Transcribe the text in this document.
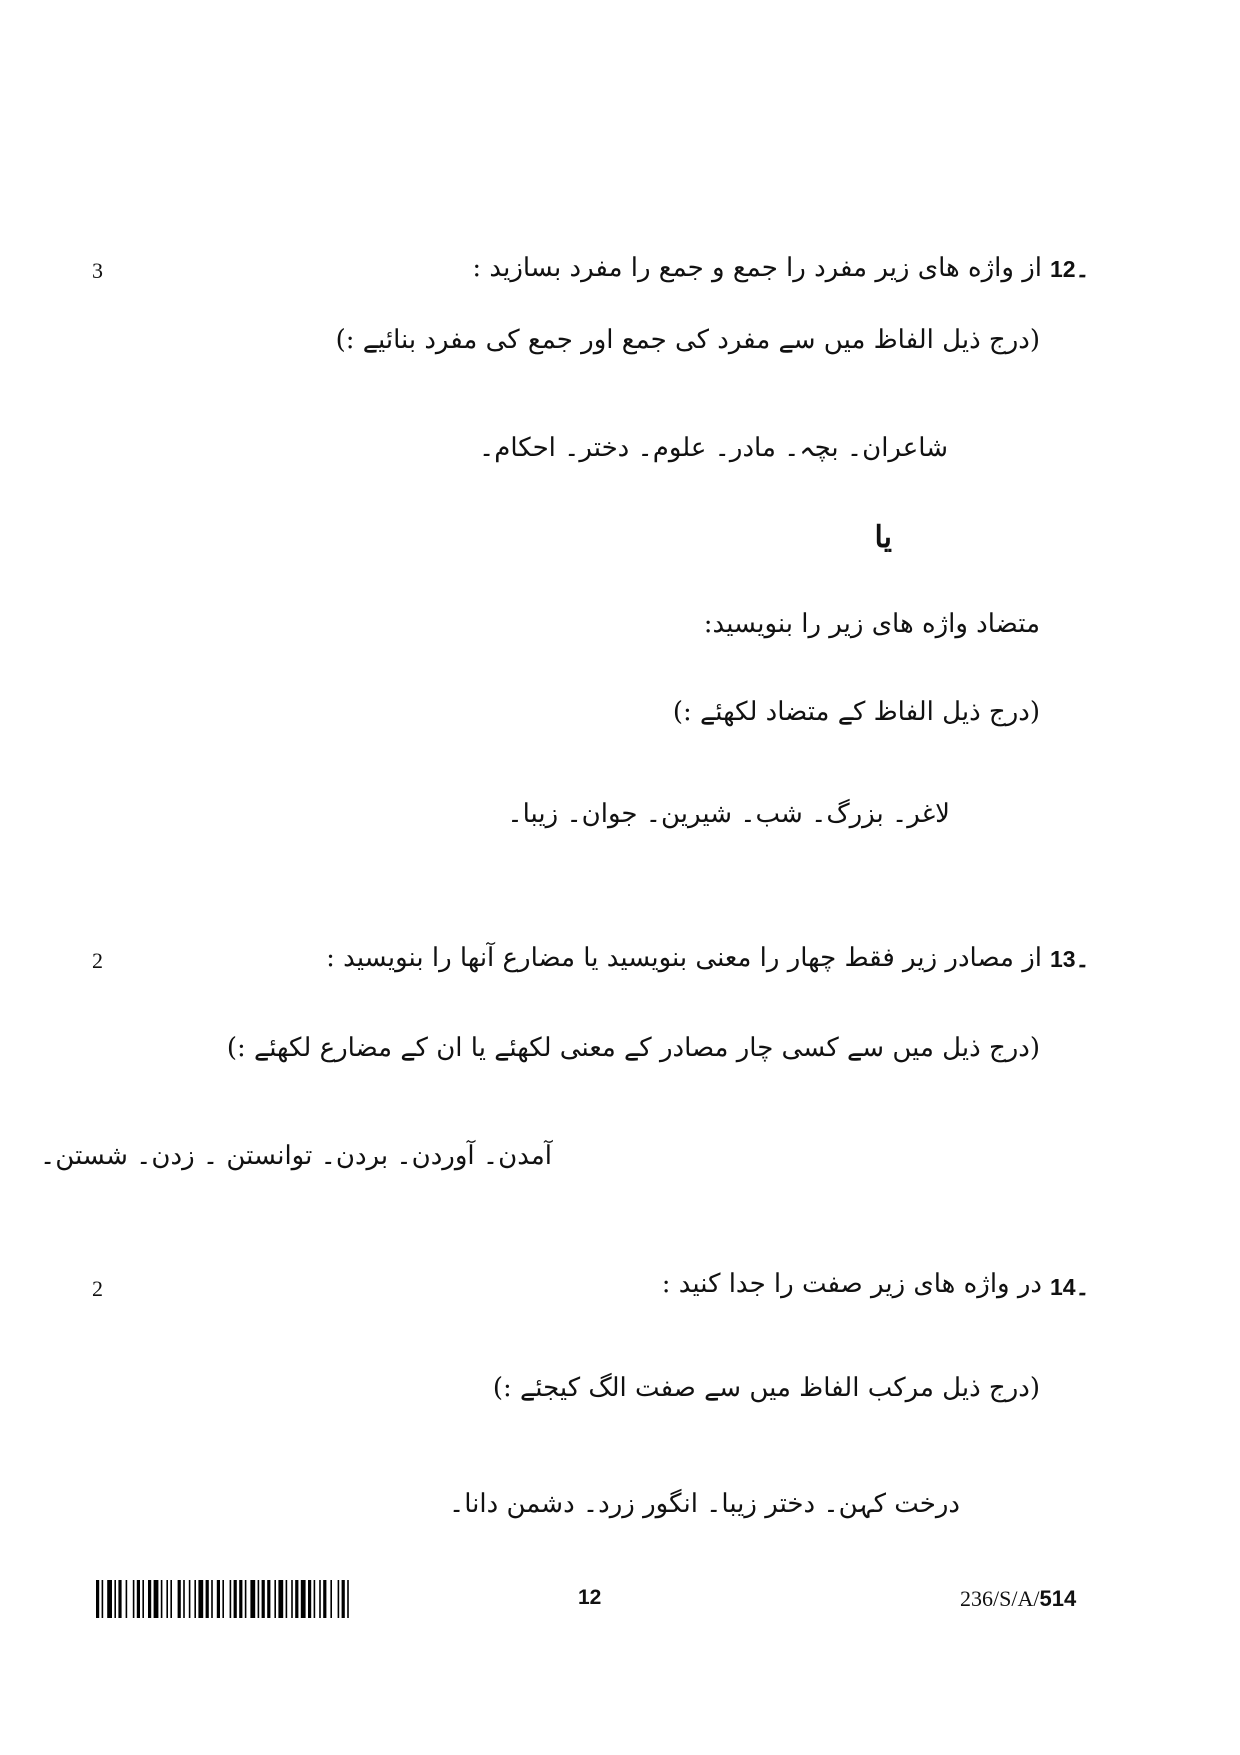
3	12۔
از واژه های زیر مفرد را جمع و جمع را مفرد بسازید :
(درج ذیل الفاظ میں سے مفرد کی جمع اور جمع کی مفرد بنائیے :)
شاعران۔ بچہ۔ مادر۔ علوم۔ دختر۔ احکام۔
یا
متضاد واژه های زیر را بنویسید:
(درج ذیل الفاظ کے متضاد لکھئے :)
لاغر۔ بزرگ۔ شب۔ شیرین۔ جوان۔ زیبا۔
2	13۔
از مصادر زیر فقط چهار را معنی بنویسید یا مضارع آنها را بنویسید :
(درج ذیل میں سے کسی چار مصادر کے معنی لکھئے یا ان کے مضارع لکھئے :)
آمدن۔ آوردن۔ بردن۔ توانستن ۔ زدن۔ شستن۔
2	14۔
در واژه های زیر صفت را جدا کنید :
(درج ذیل مرکب الفاظ میں سے صفت الگ کیجئے :)
درخت کہن۔ دختر زیبا۔ انگور زرد۔ دشمن دانا۔
12	236/S/A/514
